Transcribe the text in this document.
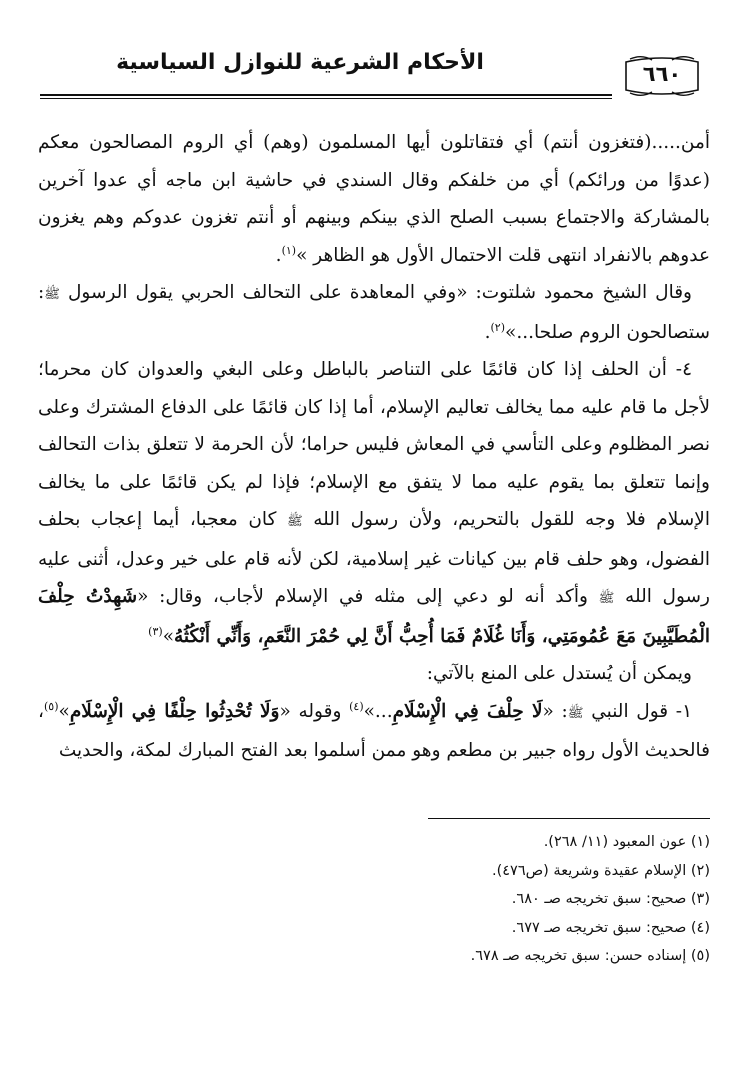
الأحكام الشرعية للنوازل السياسية	٦٦٠

أمن.....(فتغزون أنتم) أي فتقاتلون أيها المسلمون (وهم) أي الروم المصالحون معكم (عدوًا من ورائكم) أي من خلفكم وقال السندي في حاشية ابن ماجه أي عدوا آخرين بالمشاركة والاجتماع بسبب الصلح الذي بينكم وبينهم أو أنتم تغزون عدوكم وهم يغزون عدوهم بالانفراد انتهى قلت الاحتمال الأول هو الظاهر »$^{(١)}$.

وقال الشيخ محمود شلتوت: «وفي المعاهدة على التحالف الحربي يقول الرسول ﷺ: ستصالحون الروم صلحا...»$^{(٢)}$.

٤- أن الحلف إذا كان قائمًا على التناصر بالباطل وعلى البغي والعدوان كان محرما؛ لأجل ما قام عليه مما يخالف تعاليم الإسلام، أما إذا كان قائمًا على الدفاع المشترك وعلى نصر المظلوم وعلى التأسي في المعاش فليس حراما؛ لأن الحرمة لا تتعلق بذات التحالف وإنما تتعلق بما يقوم عليه مما لا يتفق مع الإسلام؛ فإذا لم يكن قائمًا على ما يخالف الإسلام فلا وجه للقول بالتحريم، ولأن رسول الله ﷺ كان معجبا، أيما إعجاب بحلف الفضول، وهو حلف قام بين كيانات غير إسلامية، لكن لأنه قام على خير وعدل، أثنى عليه رسول الله ﷺ وأكد أنه لو دعي إلى مثله في الإسلام لأجاب، وقال: «شَهِدْتُ حِلْفَ الْمُطَيَّبِينَ مَعَ عُمُومَتِي، وَأَنَا غُلَامٌ فَمَا أُحِبُّ أَنَّ لِي حُمْرَ النَّعَمِ، وَأَنِّي أَنْكُثُهُ»$^{(٣)}$

ويمكن أن يُستدل على المنع بالآتي:

١- قول النبي ﷺ: «لَا حِلْفَ فِي الْإِسْلَامِ...»$^{(٤)}$ وقوله «وَلَا تُحْدِثُوا حِلْفًا فِي الْإِسْلَامِ»$^{(٥)}$، فالحديث الأول رواه جبير بن مطعم وهو ممن أسلموا بعد الفتح المبارك لمكة، والحديث

(١) عون المعبود (١١/ ٢٦٨).
(٢) الإسلام عقيدة وشريعة (ص٤٧٦).
(٣) صحيح: سبق تخريجه صـ ٦٨٠.
(٤) صحيح: سبق تخريجه صـ ٦٧٧.
(٥) إسناده حسن: سبق تخريجه صـ ٦٧٨.
